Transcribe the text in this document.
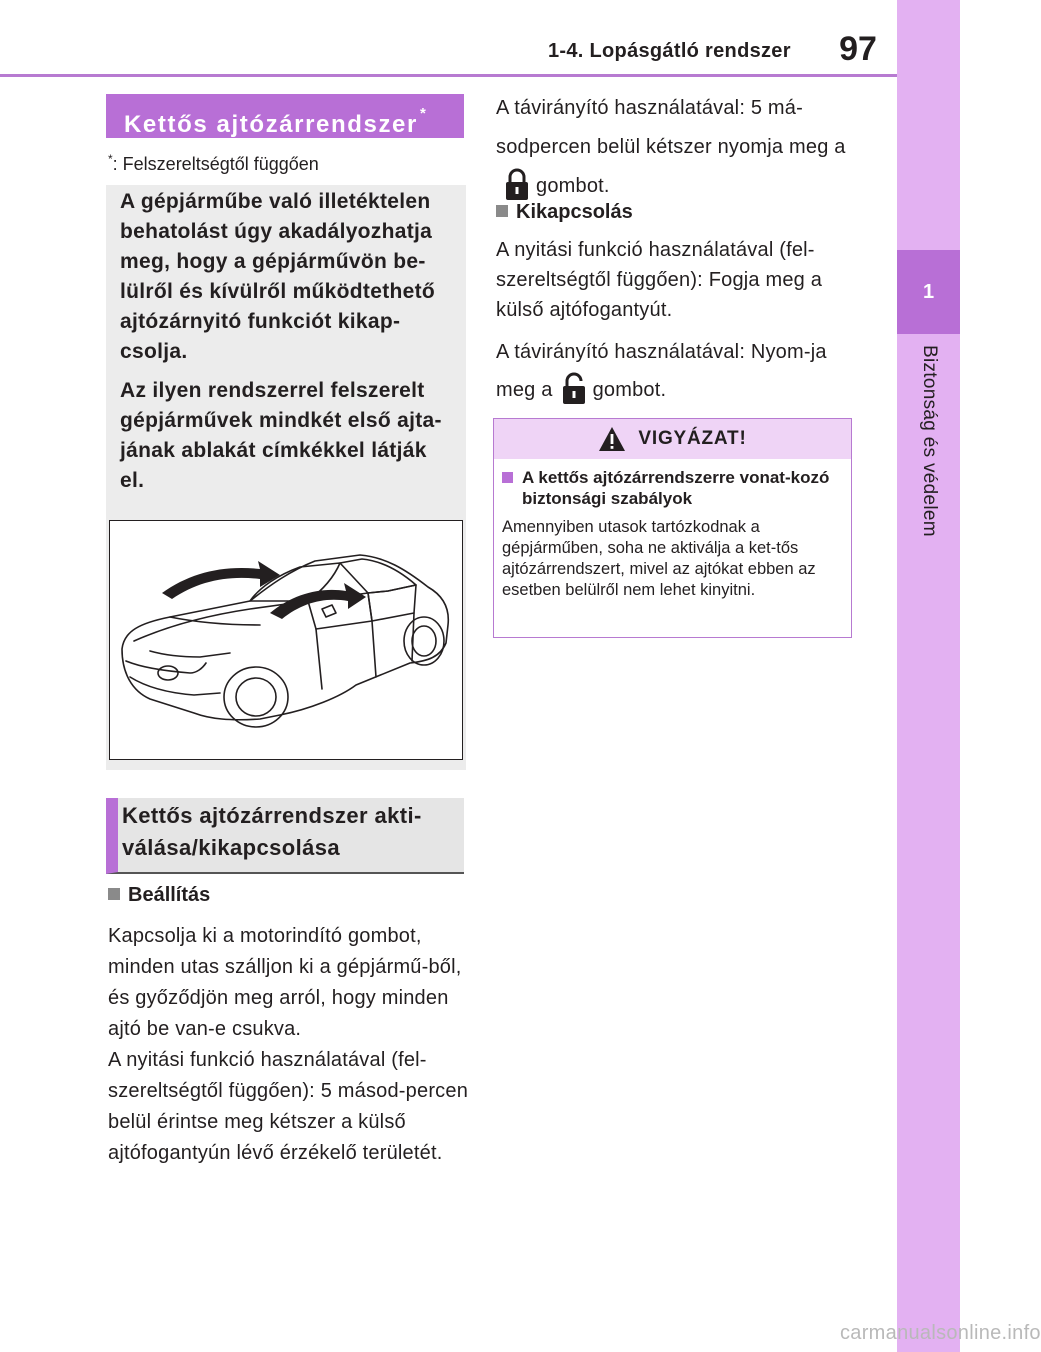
1-4. Lopásgátló rendszer	97
1
Biztonság és védelem
Kettős ajtózárrendszer *
*: Felszereltségtől függően

A gépjárműbe való illetéktelen behatolást úgy akadályozhatja meg, hogy a gépjárművön be-lülről és kívülről működtethető ajtózárnyitó funkciót kikap-csolja.

Az ilyen rendszerrel felszerelt gépjárművek mindkét első ajta-jának ablakát címkékkel látják el.

Kettős ajtózárrendszer akti-válása/kikapcsolása
Beállítás

Kapcsolja ki a motorindító gombot, minden utas szálljon ki a gépjármű-ből, és győződjön meg arról, hogy minden ajtó be van-e csukva.

A nyitási funkció használatával (fel-szereltségtől függően): 5 másod-percen belül érintse meg kétszer a külső ajtófogantyún lévő érzékelő területét.

A távirányító használatával: 5 má-sodpercen belül kétszer nyomja meg agombot.

Kikapcsolás

A nyitási funkció használatával (fel-szereltségtől függően): Fogja meg a külső ajtófogantyút.

A távirányító használatával: Nyom-ja meg a gombot.

VIGYÁZAT!
A kettős ajtózárrendszerre vonat-kozó biztonsági szabályok
Amennyiben utasok tartózkodnak a gépjárműben, soha ne aktiválja a ket-tős ajtózárrendszert, mivel az ajtókat ebben az esetben belülről nem lehet kinyitni.
carmanualsonline.info
